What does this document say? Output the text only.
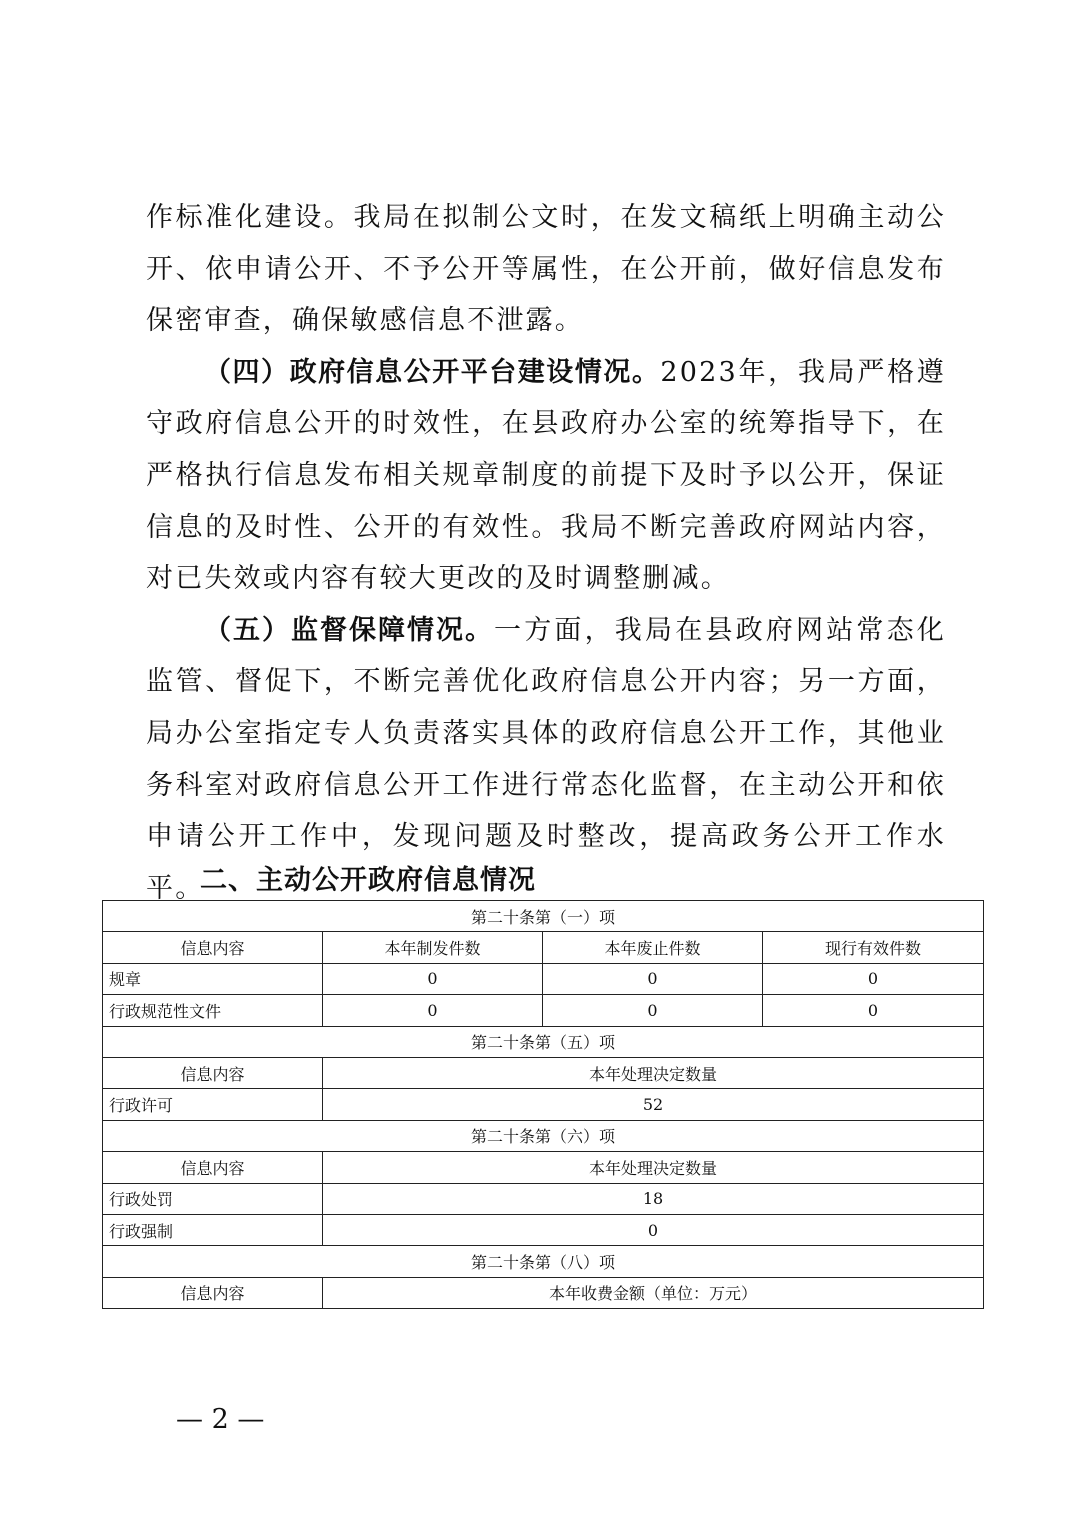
作标准化建设。我局在拟制公文时，在发文稿纸上明确主动公开、依申请公开、不予公开等属性，在公开前，做好信息发布保密审查，确保敏感信息不泄露。

（四）政府信息公开平台建设情况。2023年，我局严格遵守政府信息公开的时效性，在县政府办公室的统筹指导下，在严格执行信息发布相关规章制度的前提下及时予以公开，保证信息的及时性、公开的有效性。我局不断完善政府网站内容，对已失效或内容有较大更改的及时调整删减。

（五）监督保障情况。一方面，我局在县政府网站常态化监管、督促下，不断完善优化政府信息公开内容；另一方面，局办公室指定专人负责落实具体的政府信息公开工作，其他业务科室对政府信息公开工作进行常态化监督，在主动公开和依申请公开工作中，发现问题及时整改，提高政务公开工作水平。

二、主动公开政府信息情况
第二十条第（一）项			
信息内容	本年制发件数	本年废止件数	现行有效件数
规章	0	0	0
行政规范性文件	0	0	0
第二十条第（五）项			
信息内容	本年处理决定数量		
行政许可	52		
第二十条第（六）项			
信息内容	本年处理决定数量		
行政处罚	18		
行政强制	0		
第二十条第（八）项			
信息内容	本年收费金额（单位：万元）		
— 2 —
